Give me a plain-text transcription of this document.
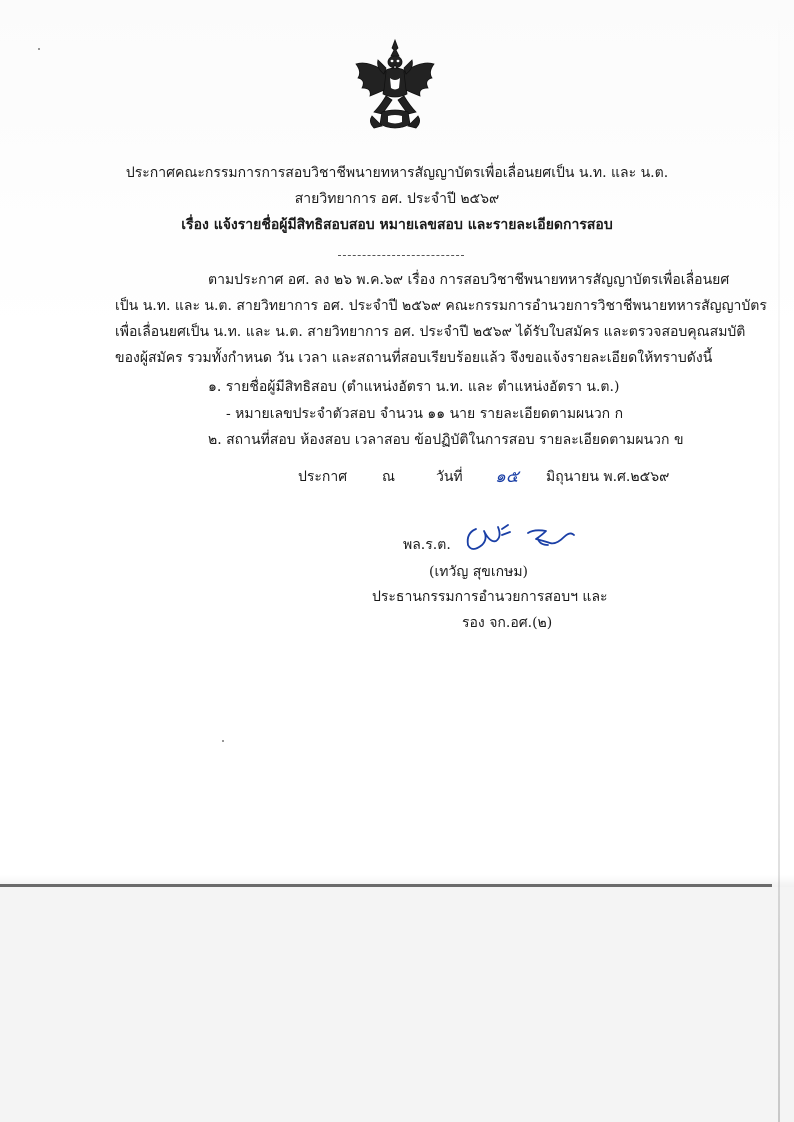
ประกาศคณะกรรมการการสอบวิชาชีพนายทหารสัญญาบัตรเพื่อเลื่อนยศเป็น น.ท. และ น.ต.
สายวิทยาการ อศ. ประจำปี ๒๕๖๙
เรื่อง แจ้งรายชื่อผู้มีสิทธิสอบสอบ หมายเลขสอบ และรายละเอียดการสอบ
ตามประกาศ อศ. ลง ๒๖ พ.ค.๖๙ เรื่อง การสอบวิชาชีพนายทหารสัญญาบัตรเพื่อเลื่อนยศ
เป็น น.ท. และ น.ต. สายวิทยาการ อศ. ประจำปี ๒๕๖๙ คณะกรรมการอำนวยการวิชาชีพนายทหารสัญญาบัตร
เพื่อเลื่อนยศเป็น น.ท. และ น.ต. สายวิทยาการ อศ. ประจำปี ๒๕๖๙ ได้รับใบสมัคร และตรวจสอบคุณสมบัติ
ของผู้สมัคร รวมทั้งกำหนด วัน เวลา และสถานที่สอบเรียบร้อยแล้ว จึงขอแจ้งรายละเอียดให้ทราบดังนี้
๑. รายชื่อผู้มีสิทธิสอบ (ตำแหน่งอัตรา น.ท. และ ตำแหน่งอัตรา น.ต.)
- หมายเลขประจำตัวสอบ จำนวน ๑๑ นาย รายละเอียดตามผนวก ก
๒. สถานที่สอบ ห้องสอบ เวลาสอบ ข้อปฏิบัติในการสอบ รายละเอียดตามผนวก ข
ประกาศ ณ	วันที่ ๑๕ มิถุนายน พ.ศ.๒๕๖๙
พล.ร.ต.
(เทวัญ สุขเกษม)
ประธานกรรมการอำนวยการสอบฯ และ
รอง จก.อศ.(๒)
